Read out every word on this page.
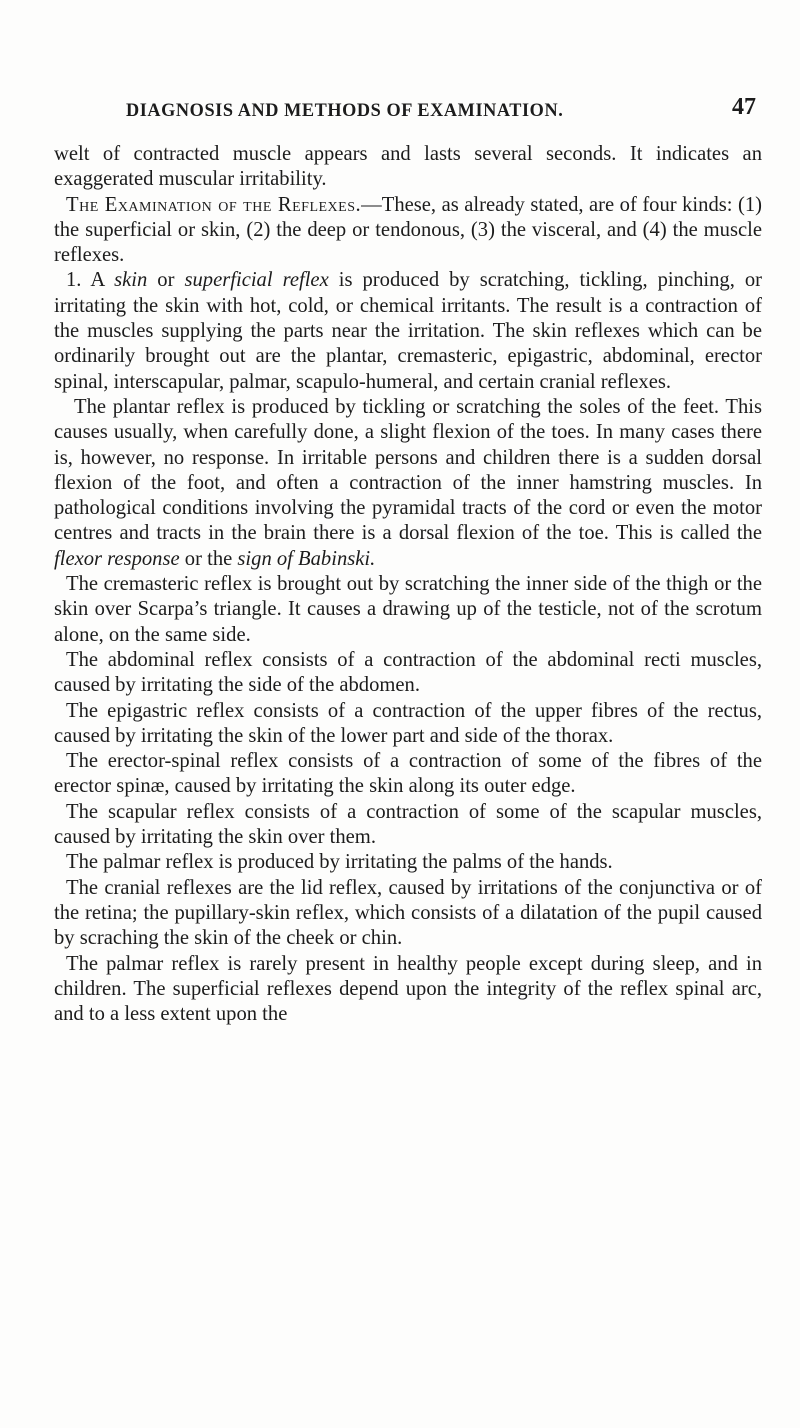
DIAGNOSIS AND METHODS OF EXAMINATION.	47

welt of contracted muscle appears and lasts several seconds. It indicates an exaggerated muscular irritability.

The Examination of the Reflexes.—These, as already stated, are of four kinds: (1) the superficial or skin, (2) the deep or tendonous, (3) the visceral, and (4) the muscle reflexes.

1. A skin or superficial reflex is produced by scratching, tickling, pinching, or irritating the skin with hot, cold, or chemical irritants. The result is a contraction of the muscles supplying the parts near the irritation. The skin reflexes which can be ordinarily brought out are the plantar, cremasteric, epigastric, abdominal, erector spinal, interscapular, palmar, scapulo-humeral, and certain cranial reflexes.

The plantar reflex is produced by tickling or scratching the soles of the feet. This causes usually, when carefully done, a slight flexion of the toes. In many cases there is, however, no response. In irritable persons and children there is a sudden dorsal flexion of the foot, and often a contraction of the inner hamstring muscles. In pathological conditions involving the pyramidal tracts of the cord or even the motor centres and tracts in the brain there is a dorsal flexion of the toe. This is called the flexor response or the sign of Babinski.

The cremasteric reflex is brought out by scratching the inner side of the thigh or the skin over Scarpa’s triangle. It causes a drawing up of the testicle, not of the scrotum alone, on the same side.

The abdominal reflex consists of a contraction of the abdominal recti muscles, caused by irritating the side of the abdomen.

The epigastric reflex consists of a contraction of the upper fibres of the rectus, caused by irritating the skin of the lower part and side of the thorax.

The erector-spinal reflex consists of a contraction of some of the fibres of the erector spinæ, caused by irritating the skin along its outer edge.

The scapular reflex consists of a contraction of some of the scapular muscles, caused by irritating the skin over them.

The palmar reflex is produced by irritating the palms of the hands.

The cranial reflexes are the lid reflex, caused by irritations of the conjunctiva or of the retina; the pupillary-skin reflex, which consists of a dilatation of the pupil caused by scraching the skin of the cheek or chin.

The palmar reflex is rarely present in healthy people except during sleep, and in children. The superficial reflexes depend upon the integrity of the reflex spinal arc, and to a less extent upon the
